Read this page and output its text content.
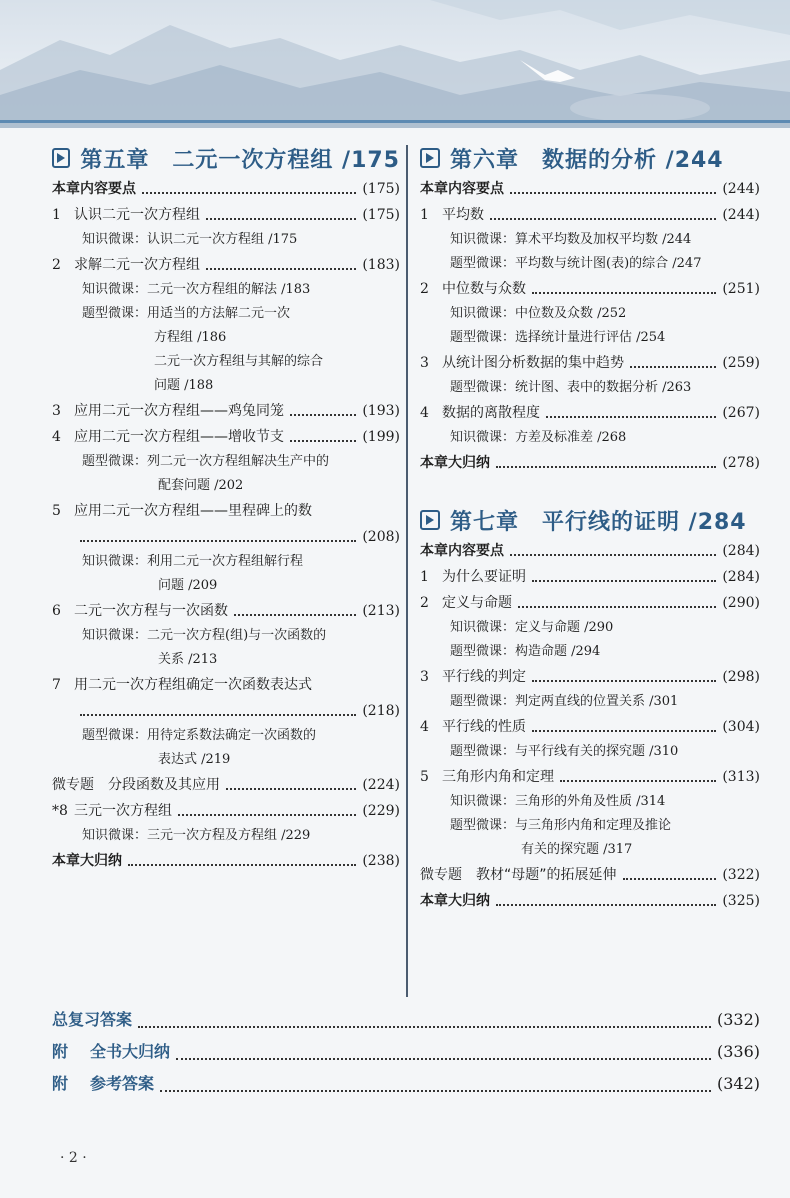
第五章　二元一次方程组 /175
本章内容要点	(175)
1 认识二元一次方程组	(175)
知识微课：认识二元一次方程组 /175
2 求解二元一次方程组	(183)
知识微课：二元一次方程组的解法 /183
题型微课：用适当的方法解二元一次
方程组 /186
二元一次方程组与其解的综合
问题 /188
3 应用二元一次方程组——鸡兔同笼	(193)
4 应用二元一次方程组——增收节支	(199)
题型微课：列二元一次方程组解决生产中的
配套问题 /202
5 应用二元一次方程组——里程碑上的数
(208)
知识微课：利用二元一次方程组解行程
问题 /209
6 二元一次方程与一次函数	(213)
知识微课：二元一次方程(组)与一次函数的
关系 /213
7 用二元一次方程组确定一次函数表达式
(218)
题型微课：用待定系数法确定一次函数的
表达式 /219
微专题　分段函数及其应用	(224)
*8 三元一次方程组	(229)
知识微课：三元一次方程及方程组 /229
本章大归纳	(238)
第六章　数据的分析 /244
本章内容要点	(244)
1 平均数	(244)
知识微课：算术平均数及加权平均数 /244
题型微课：平均数与统计图(表)的综合 /247
2 中位数与众数	(251)
知识微课：中位数及众数 /252
题型微课：选择统计量进行评估 /254
3 从统计图分析数据的集中趋势	(259)
题型微课：统计图、表中的数据分析 /263
4 数据的离散程度	(267)
知识微课：方差及标准差 /268
本章大归纳	(278)
第七章　平行线的证明 /284
本章内容要点	(284)
1 为什么要证明	(284)
2 定义与命题	(290)
知识微课：定义与命题 /290
题型微课：构造命题 /294
3 平行线的判定	(298)
题型微课：判定两直线的位置关系 /301
4 平行线的性质	(304)
题型微课：与平行线有关的探究题 /310
5 三角形内角和定理	(313)
知识微课：三角形的外角及性质 /314
题型微课：与三角形内角和定理及推论
有关的探究题 /317
微专题　教材“母题”的拓展延伸	(322)
本章大归纳	(325)
总复习答案	(332)
附 全书大归纳	(336)
附 参考答案	(342)
· 2 ·
